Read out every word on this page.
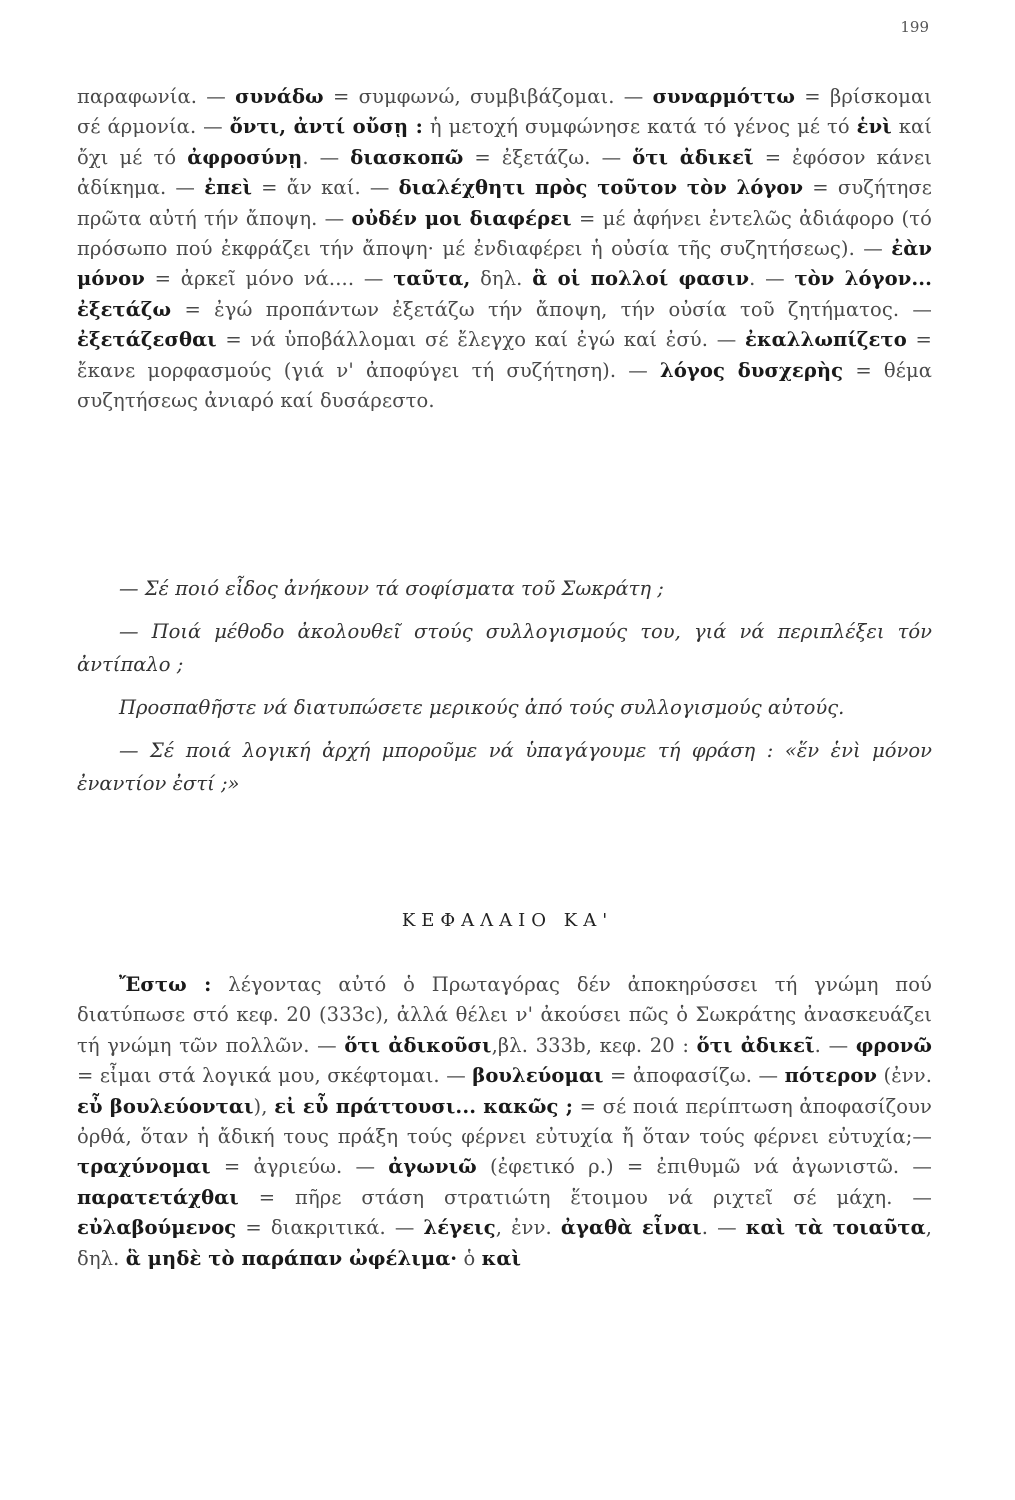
199
παραφωνία. — συνάδω = συμφωνώ, συμβιβάζομαι. — συναρμόττω = βρίσκομαι σέ άρμονία. — ὄντι, ἀντί οὔσῃ : ἡ μετοχή συμφώνησε κατά τό γένος μέ τό ἑνὶ καί ὄχι μέ τό ἀφροσύνῃ. — διασκοπῶ = ἐξετάζω. — ὅτι ἀδικεῖ = ἐφόσον κάνει ἀδίκημα. — ἐπεὶ = ἄν καί. — διαλέχθητι πρὸς τοῦτον τὸν λόγον = συζήτησε πρῶτα αὐτή τήν ἄποψη. — οὐδέν μοι διαφέρει = μέ ἀφήνει ἐντελῶς ἀδιάφορο (τό πρόσωπο πού ἐκφράζει τήν ἄποψη· μέ ἐνδιαφέρει ἡ οὐσία τῆς συζητήσεως). — ἐὰν μόνον = ἀρκεῖ μόνο νά.... — ταῦτα, δηλ. ἃ οἱ πολλοί φασιν. — τὸν λόγον... ἐξετάζω = ἐγώ προπάντων ἐξετάζω τήν ἄποψη, τήν οὐσία τοῦ ζητήματος. — ἐξετάζεσθαι = νά ὑποβάλλομαι σέ ἔλεγχο καί ἐγώ καί ἐσύ. — ἐκαλλωπίζετο = ἔκανε μορφασμούς (γιά ν' ἀποφύγει τή συζήτηση). — λόγος δυσχερὴς = θέμα συζητήσεως ἀνιαρό καί δυσάρεστο.

— Σέ ποιό εἶδος ἀνήκουν τά σοφίσματα τοῦ Σωκράτη ;

— Ποιά μέθοδο ἀκολουθεῖ στούς συλλογισμούς του, γιά νά περιπλέξει τόν ἀντίπαλο ;

Προσπαθῆστε νά διατυπώσετε μερικούς ἀπό τούς συλλογισμούς αὐτούς.

— Σέ ποιά λογική ἀρχή μποροῦμε νά ὑπαγάγουμε τή φράση : «ἕν ἑνὶ μόνον ἐναντίον ἐστί ;»

ΚΕΦΑΛΑΙΟ ΚΑ'
Ἔστω : λέγοντας αὐτό ὁ Πρωταγόρας δέν ἀποκηρύσσει τή γνώμη πού διατύπωσε στό κεφ. 20 (333c), ἀλλά θέλει ν' ἀκούσει πῶς ὁ Σωκράτης ἀνασκευάζει τή γνώμη τῶν πολλῶν. — ὅτι ἀδικοῦσι,βλ. 333b, κεφ. 20 : ὅτι ἀδικεῖ. — φρονῶ = εἶμαι στά λογικά μου, σκέφτομαι. — βουλεύομαι = ἀποφασίζω. — πότερον (ἐνν. εὖ βουλεύονται), εἰ εὖ πράττουσι... κακῶς ; = σέ ποιά περίπτωση ἀποφασίζουν ὀρθά, ὅταν ἡ ἄδική τους πράξη τούς φέρνει εὐτυχία ἤ ὅταν τούς φέρνει εὐτυχία;— τραχύνομαι = ἀγριεύω. — ἀγωνιῶ (ἐφετικό ρ.) = ἐπιθυμῶ νά ἀγωνιστῶ. — παρατετάχθαι = πῆρε στάση στρατιώτη ἕτοιμου νά ριχτεῖ σέ μάχη. — εὐλαβούμενος = διακριτικά. — λέγεις, ἐνν. ἀγαθὰ εἶναι. — καὶ τὰ τοιαῦτα, δηλ. ἃ μηδὲ τὸ παράπαν ὠφέλιμα· ὁ καὶ
